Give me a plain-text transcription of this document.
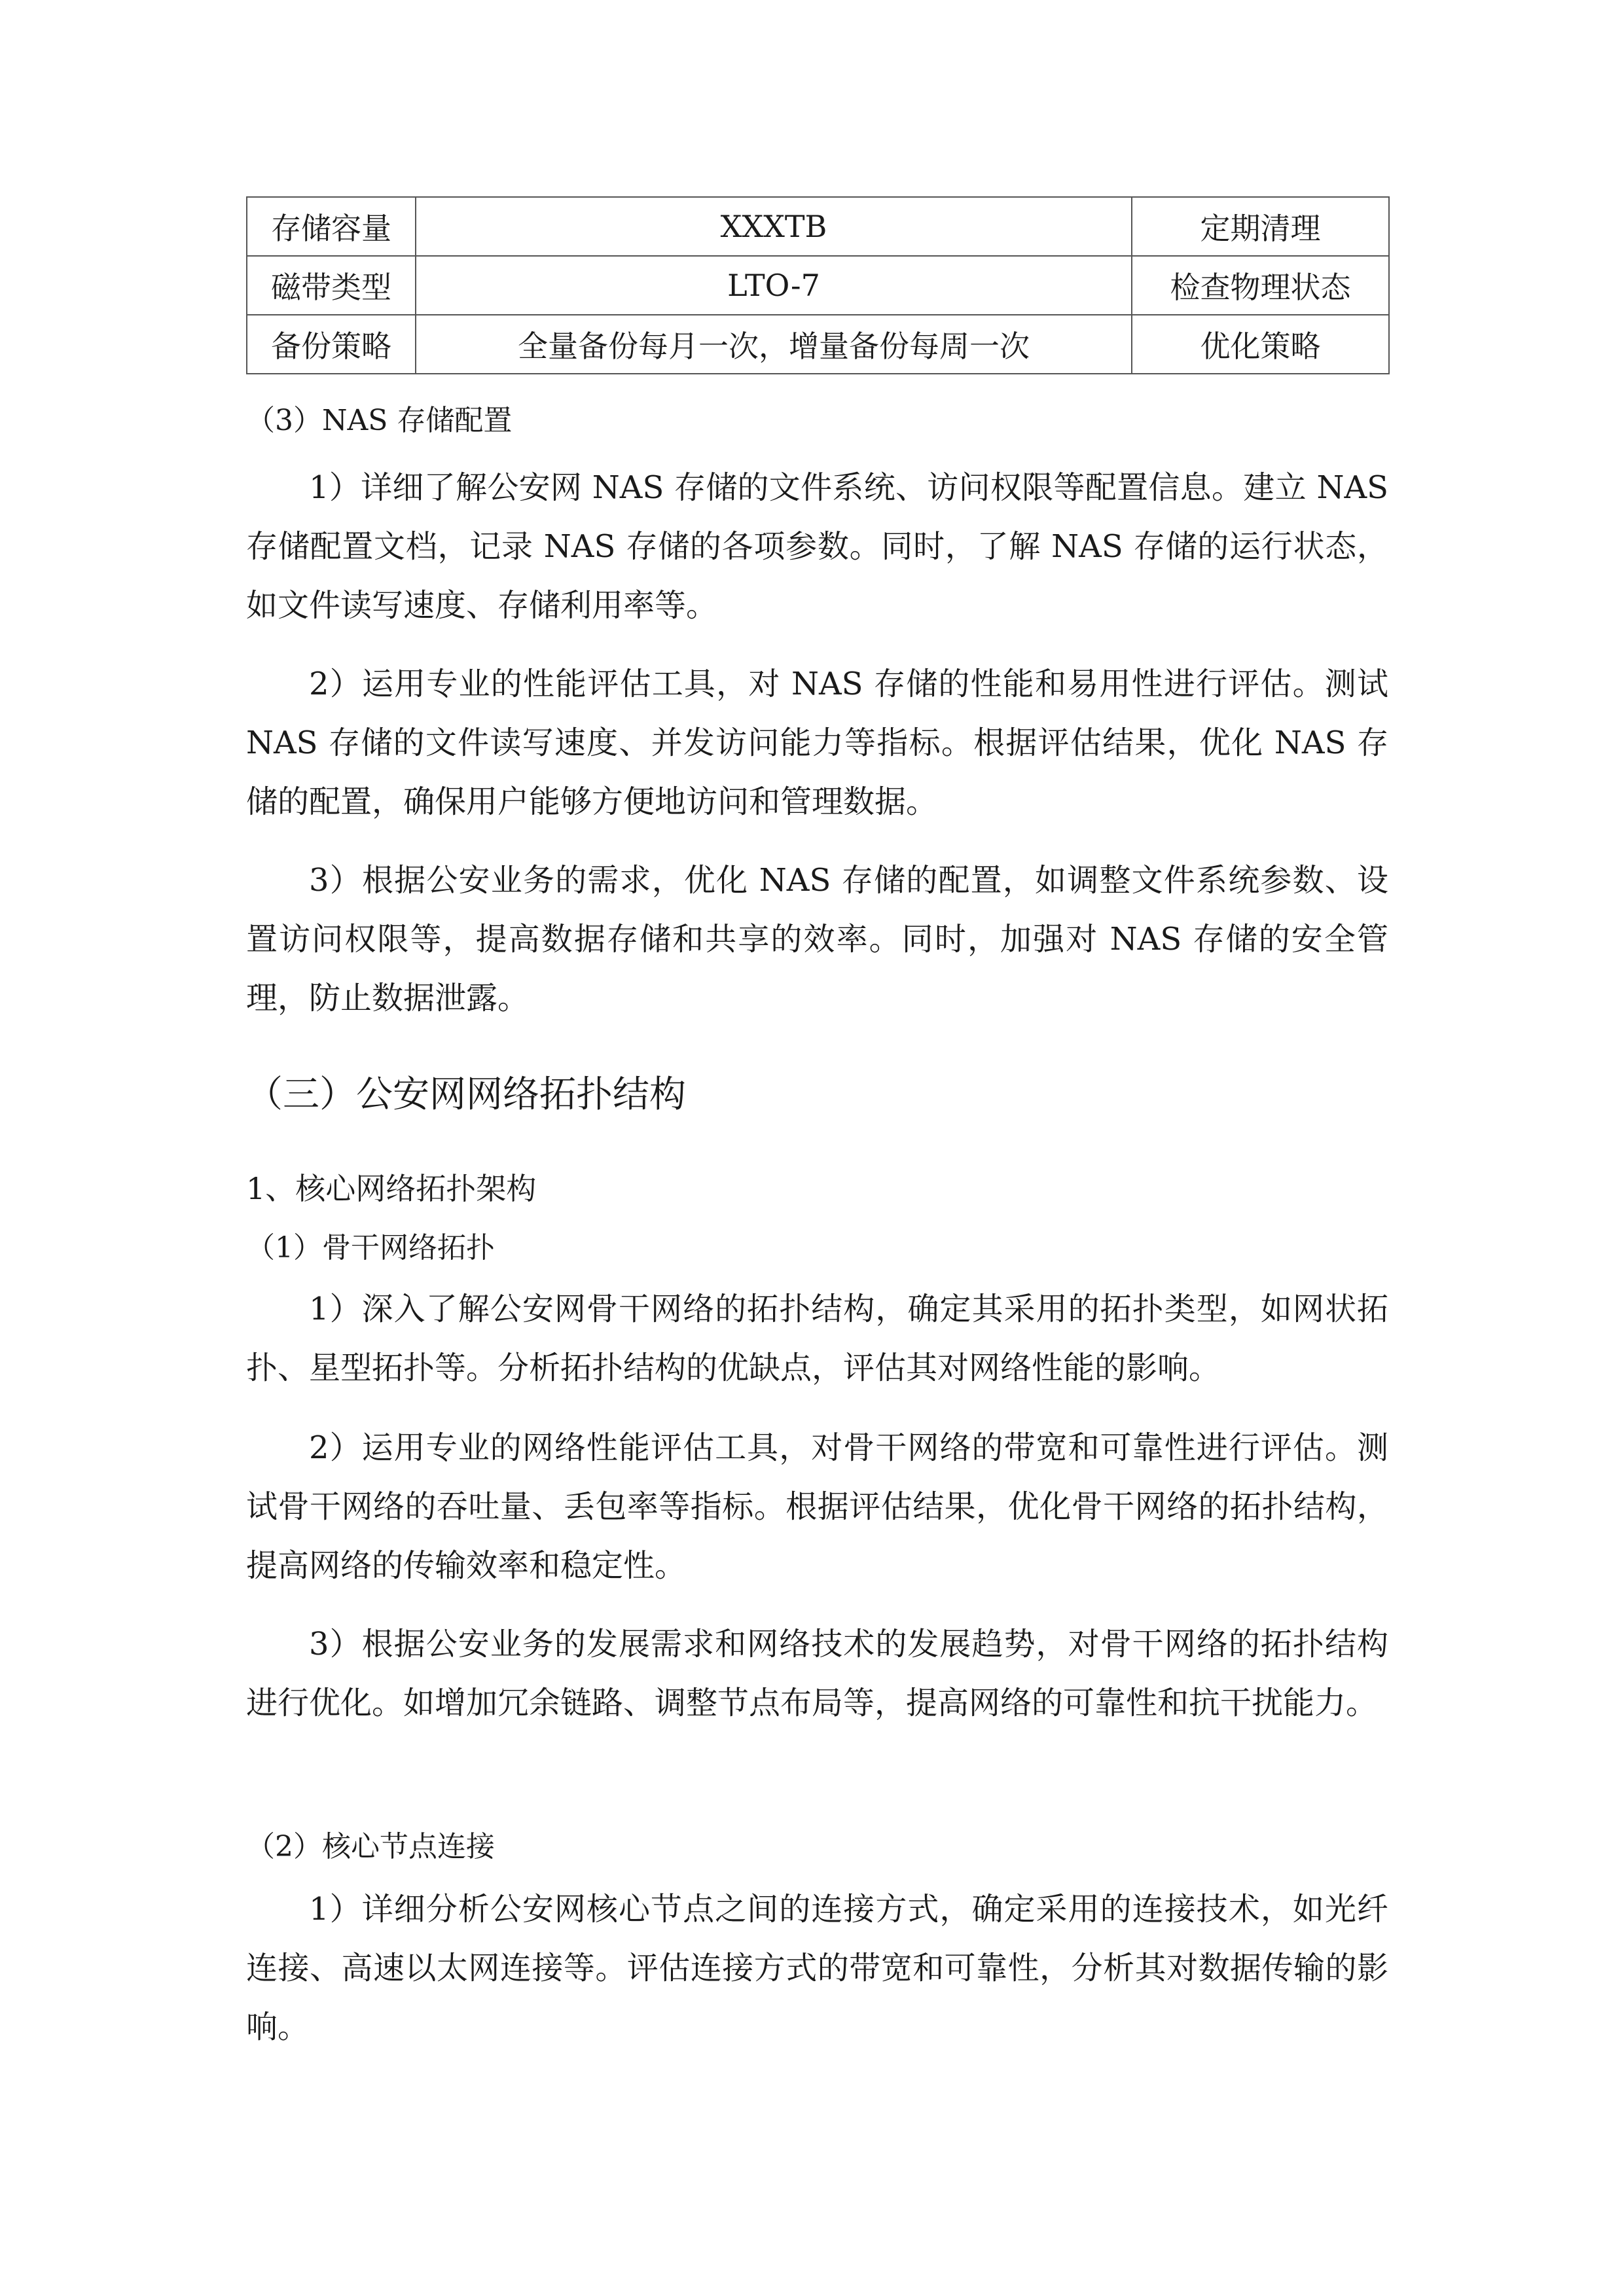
存储容量	XXXTB	定期清理
磁带类型	LTO-7	检查物理状态
备份策略	全量备份每月一次，增量备份每周一次	优化策略
（3）NAS 存储配置

1）详细了解公安网 NAS 存储的文件系统、访问权限等配置信息。建立 NAS 存储配置文档，记录 NAS 存储的各项参数。同时，了解 NAS 存储的运行状态，如文件读写速度、存储利用率等。

2）运用专业的性能评估工具，对 NAS 存储的性能和易用性进行评估。测试 NAS 存储的文件读写速度、并发访问能力等指标。根据评估结果，优化 NAS 存储的配置，确保用户能够方便地访问和管理数据。

3）根据公安业务的需求，优化 NAS 存储的配置，如调整文件系统参数、设置访问权限等，提高数据存储和共享的效率。同时，加强对 NAS 存储的安全管理，防止数据泄露。

（三）公安网网络拓扑结构
1、核心网络拓扑架构
（1）骨干网络拓扑

1）深入了解公安网骨干网络的拓扑结构，确定其采用的拓扑类型，如网状拓扑、星型拓扑等。分析拓扑结构的优缺点，评估其对网络性能的影响。

2）运用专业的网络性能评估工具，对骨干网络的带宽和可靠性进行评估。测试骨干网络的吞吐量、丢包率等指标。根据评估结果，优化骨干网络的拓扑结构，提高网络的传输效率和稳定性。

3）根据公安业务的发展需求和网络技术的发展趋势，对骨干网络的拓扑结构进行优化。如增加冗余链路、调整节点布局等，提高网络的可靠性和抗干扰能力。

（2）核心节点连接

1）详细分析公安网核心节点之间的连接方式，确定采用的连接技术，如光纤连接、高速以太网连接等。评估连接方式的带宽和可靠性，分析其对数据传输的影响。
